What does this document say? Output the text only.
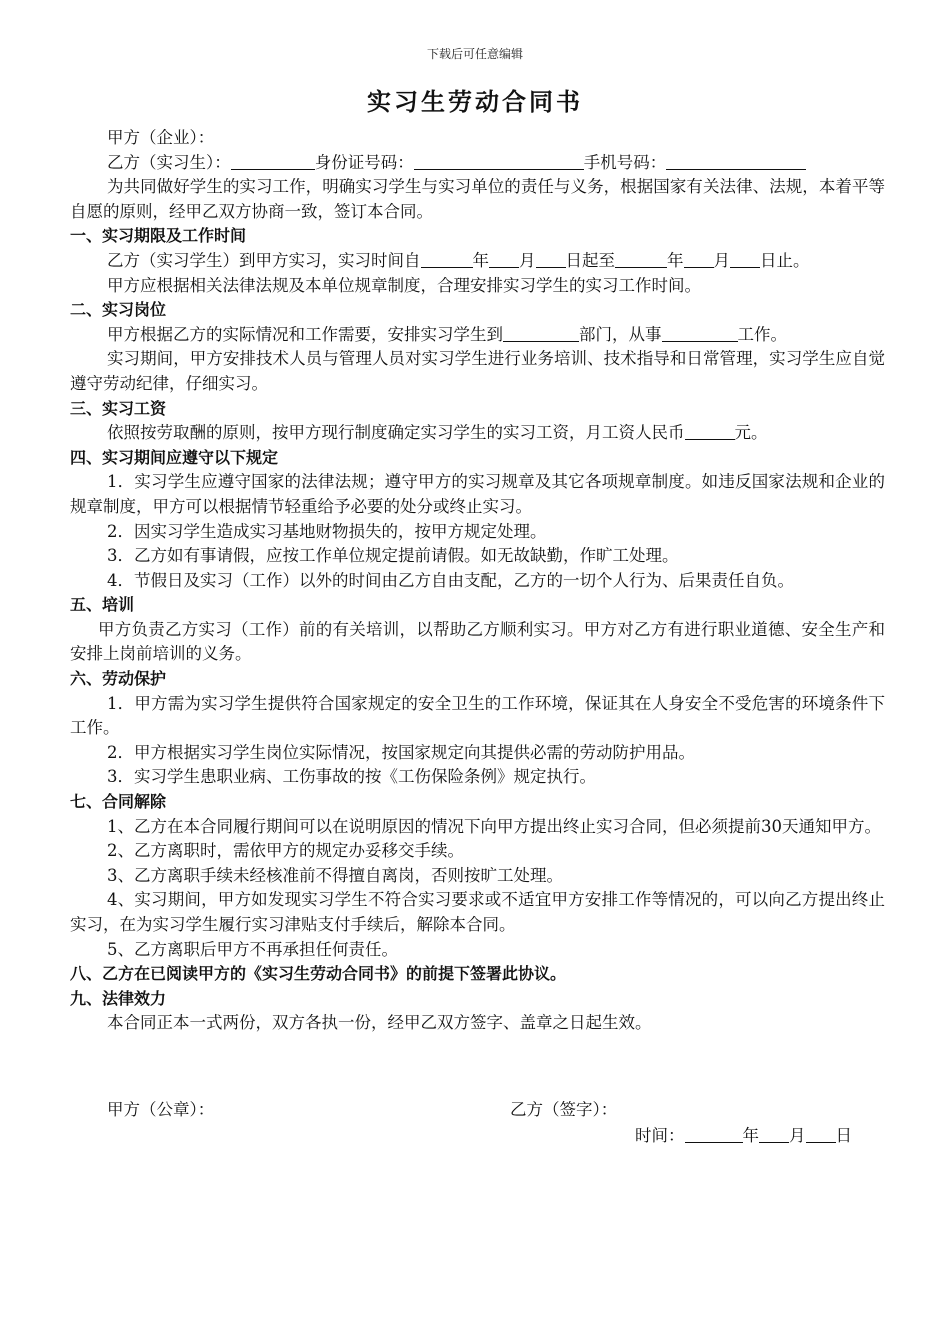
下载后可任意编辑
实习生劳动合同书

甲方（企业）：

乙方（实习生）：	身份证号码：	手机号码：

为共同做好学生的实习工作，明确实习学生与实习单位的责任与义务，根据国家有关法律、法规，本着平等自愿的原则，经甲乙双方协商一致，签订本合同。

一、实习期限及工作时间

乙方（实习学生）到甲方实习，实习时间自	年 月 日起至	年 月 日止。

甲方应根据相关法律法规及本单位规章制度，合理安排实习学生的实习工作时间。

二、实习岗位

甲方根据乙方的实际情况和工作需要，安排实习学生到	部门，从事	工作。

实习期间，甲方安排技术人员与管理人员对实习学生进行业务培训、技术指导和日常管理，实习学生应自觉遵守劳动纪律，仔细实习。

三、实习工资

依照按劳取酬的原则，按甲方现行制度确定实习学生的实习工资，月工资人民币	元。

四、实习期间应遵守以下规定

1．实习学生应遵守国家的法律法规；遵守甲方的实习规章及其它各项规章制度。如违反国家法规和企业的规章制度，甲方可以根据情节轻重给予必要的处分或终止实习。

2．因实习学生造成实习基地财物损失的，按甲方规定处理。

3．乙方如有事请假，应按工作单位规定提前请假。如无故缺勤，作旷工处理。

4．节假日及实习（工作）以外的时间由乙方自由支配，乙方的一切个人行为、后果责任自负。

五、培训

甲方负责乙方实习（工作）前的有关培训，以帮助乙方顺利实习。甲方对乙方有进行职业道德、安全生产和安排上岗前培训的义务。

六、劳动保护

1．甲方需为实习学生提供符合国家规定的安全卫生的工作环境，保证其在人身安全不受危害的环境条件下工作。

2．甲方根据实习学生岗位实际情况，按国家规定向其提供必需的劳动防护用品。

3．实习学生患职业病、工伤事故的按《工伤保险条例》规定执行。

七、合同解除

1、乙方在本合同履行期间可以在说明原因的情况下向甲方提出终止实习合同，但必须提前30天通知甲方。

2、乙方离职时，需依甲方的规定办妥移交手续。

3、乙方离职手续未经核准前不得擅自离岗，否则按旷工处理。

4、实习期间，甲方如发现实习学生不符合实习要求或不适宜甲方安排工作等情况的，可以向乙方提出终止实习，在为实习学生履行实习津贴支付手续后，解除本合同。

5、乙方离职后甲方不再承担任何责任。

八、乙方在已阅读甲方的《实习生劳动合同书》的前提下签署此协议。

九、法律效力

本合同正本一式两份，双方各执一份，经甲乙双方签字、盖章之日起生效。

甲方（公章）：	乙方（签字）：
时间：	年 月 日
